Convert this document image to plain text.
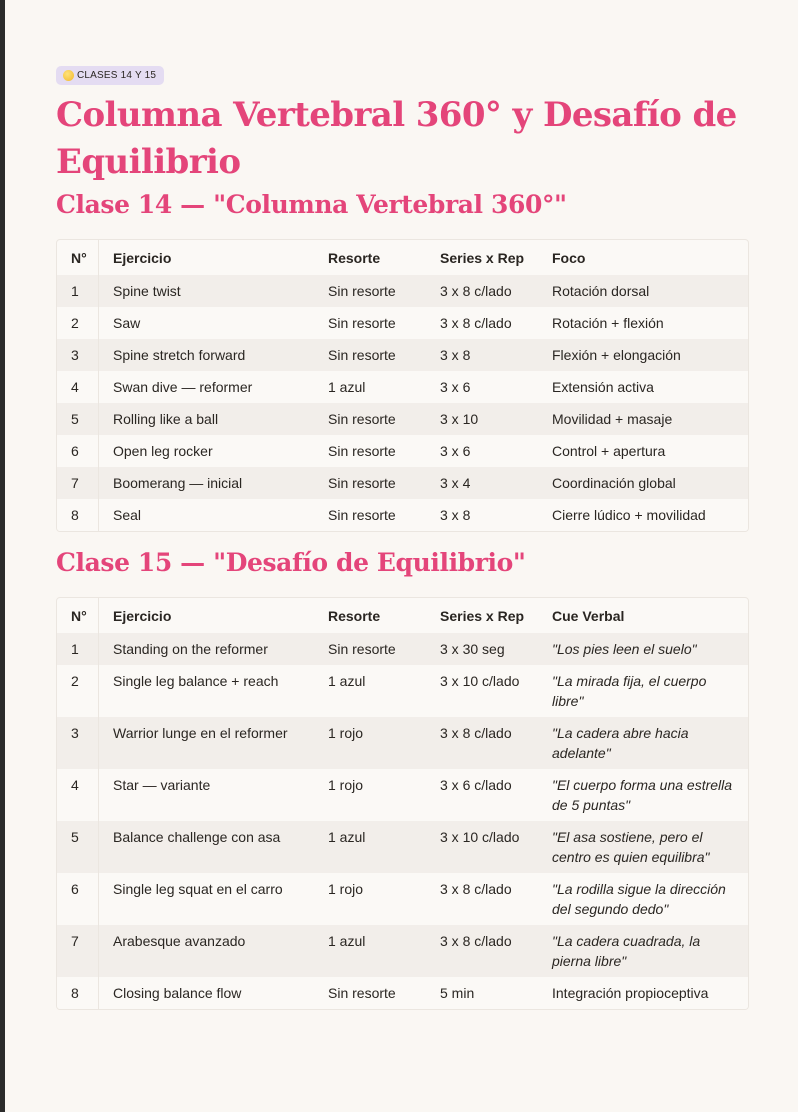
CLASES 14 Y 15
Columna Vertebral 360° y Desafío de Equilibrio
Clase 14 — "Columna Vertebral 360°"
N°	Ejercicio	Resorte	Series x Rep	Foco
1	Spine twist	Sin resorte	3 x 8 c/lado	Rotación dorsal
2	Saw	Sin resorte	3 x 8 c/lado	Rotación + flexión
3	Spine stretch forward	Sin resorte	3 x 8	Flexión + elongación
4	Swan dive — reformer	1 azul	3 x 6	Extensión activa
5	Rolling like a ball	Sin resorte	3 x 10	Movilidad + masaje
6	Open leg rocker	Sin resorte	3 x 6	Control + apertura
7	Boomerang — inicial	Sin resorte	3 x 4	Coordinación global
8	Seal	Sin resorte	3 x 8	Cierre lúdico + movilidad
Clase 15 — "Desafío de Equilibrio"
N°	Ejercicio	Resorte	Series x Rep	Cue Verbal
1	Standing on the reformer	Sin resorte	3 x 30 seg	"Los pies leen el suelo"
2	Single leg balance + reach	1 azul	3 x 10 c/lado	"La mirada fija, el cuerpo libre"
3	Warrior lunge en el reformer	1 rojo	3 x 8 c/lado	"La cadera abre hacia adelante"
4	Star — variante	1 rojo	3 x 6 c/lado	"El cuerpo forma una estrella de 5 puntas"
5	Balance challenge con asa	1 azul	3 x 10 c/lado	"El asa sostiene, pero el centro es quien equilibra"
6	Single leg squat en el carro	1 rojo	3 x 8 c/lado	"La rodilla sigue la dirección del segundo dedo"
7	Arabesque avanzado	1 azul	3 x 8 c/lado	"La cadera cuadrada, la pierna libre"
8	Closing balance flow	Sin resorte	5 min	Integración propioceptiva
